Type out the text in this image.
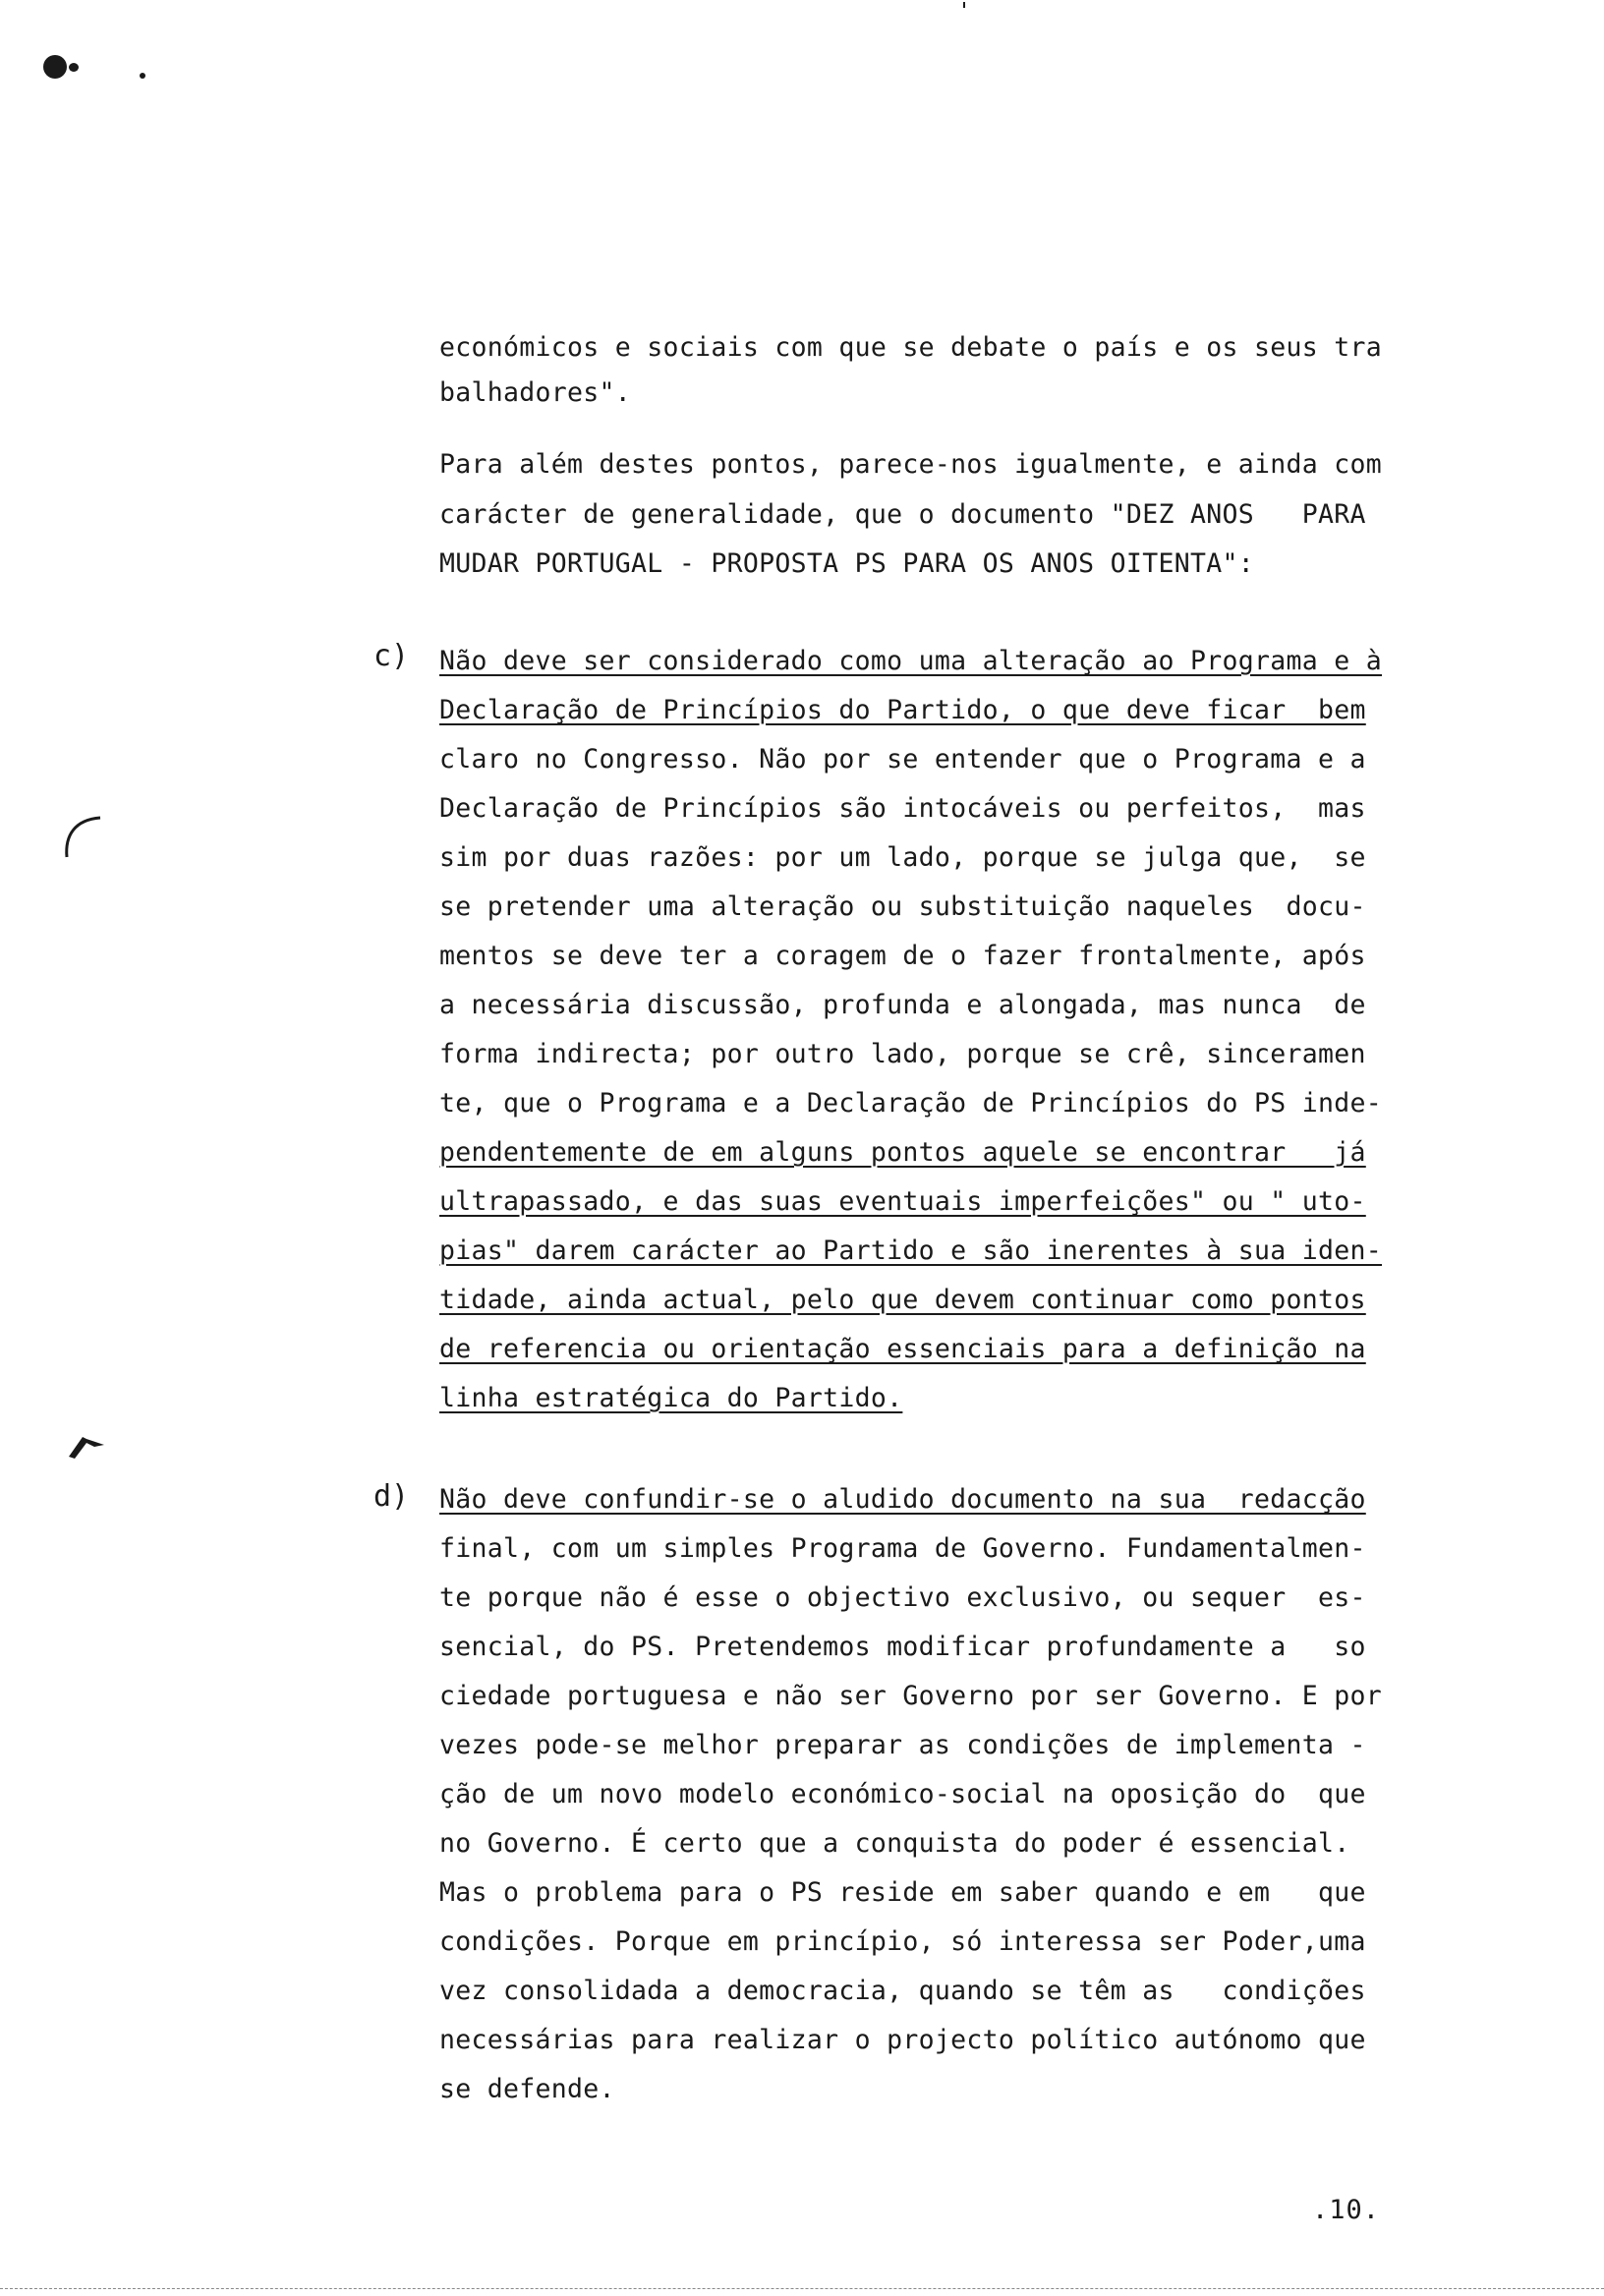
económicos e sociais com que se debate o país e os seus tra
balhadores".
Para além destes pontos, parece-nos igualmente, e ainda com
carácter de generalidade, que o documento "DEZ ANOS   PARA
MUDAR PORTUGAL - PROPOSTA PS PARA OS ANOS OITENTA":
c) Não deve ser considerado como uma alteração ao Programa e à
Declaração de Princípios do Partido, o que deve ficar  bem
claro no Congresso. Não por se entender que o Programa e a
Declaração de Princípios são intocáveis ou perfeitos,  mas
sim por duas razões: por um lado, porque se julga que,  se
se pretender uma alteração ou substituição naqueles  docu-
mentos se deve ter a coragem de o fazer frontalmente, após
a necessária discussão, profunda e alongada, mas nunca  de
forma indirecta; por outro lado, porque se crê, sinceramen
te, que o Programa e a Declaração de Princípios do PS inde-
pendentemente de em alguns pontos aquele se encontrar   já
ultrapassado, e das suas eventuais imperfeições" ou " uto-
pias" darem carácter ao Partido e são inerentes à sua iden-
tidade, ainda actual, pelo que devem continuar como pontos
de referencia ou orientação essenciais para a definição na
linha estratégica do Partido.
d) Não deve confundir-se o aludido documento na sua  redacção
final, com um simples Programa de Governo. Fundamentalmen-
te porque não é esse o objectivo exclusivo, ou sequer  es-
sencial, do PS. Pretendemos modificar profundamente a   so
ciedade portuguesa e não ser Governo por ser Governo. E por
vezes pode-se melhor preparar as condições de implementa -
ção de um novo modelo económico-social na oposição do  que
no Governo. É certo que a conquista do poder é essencial.
Mas o problema para o PS reside em saber quando e em   que
condições. Porque em princípio, só interessa ser Poder,uma
vez consolidada a democracia, quando se têm as   condições
necessárias para realizar o projecto político autónomo que
se defende.
.10.
